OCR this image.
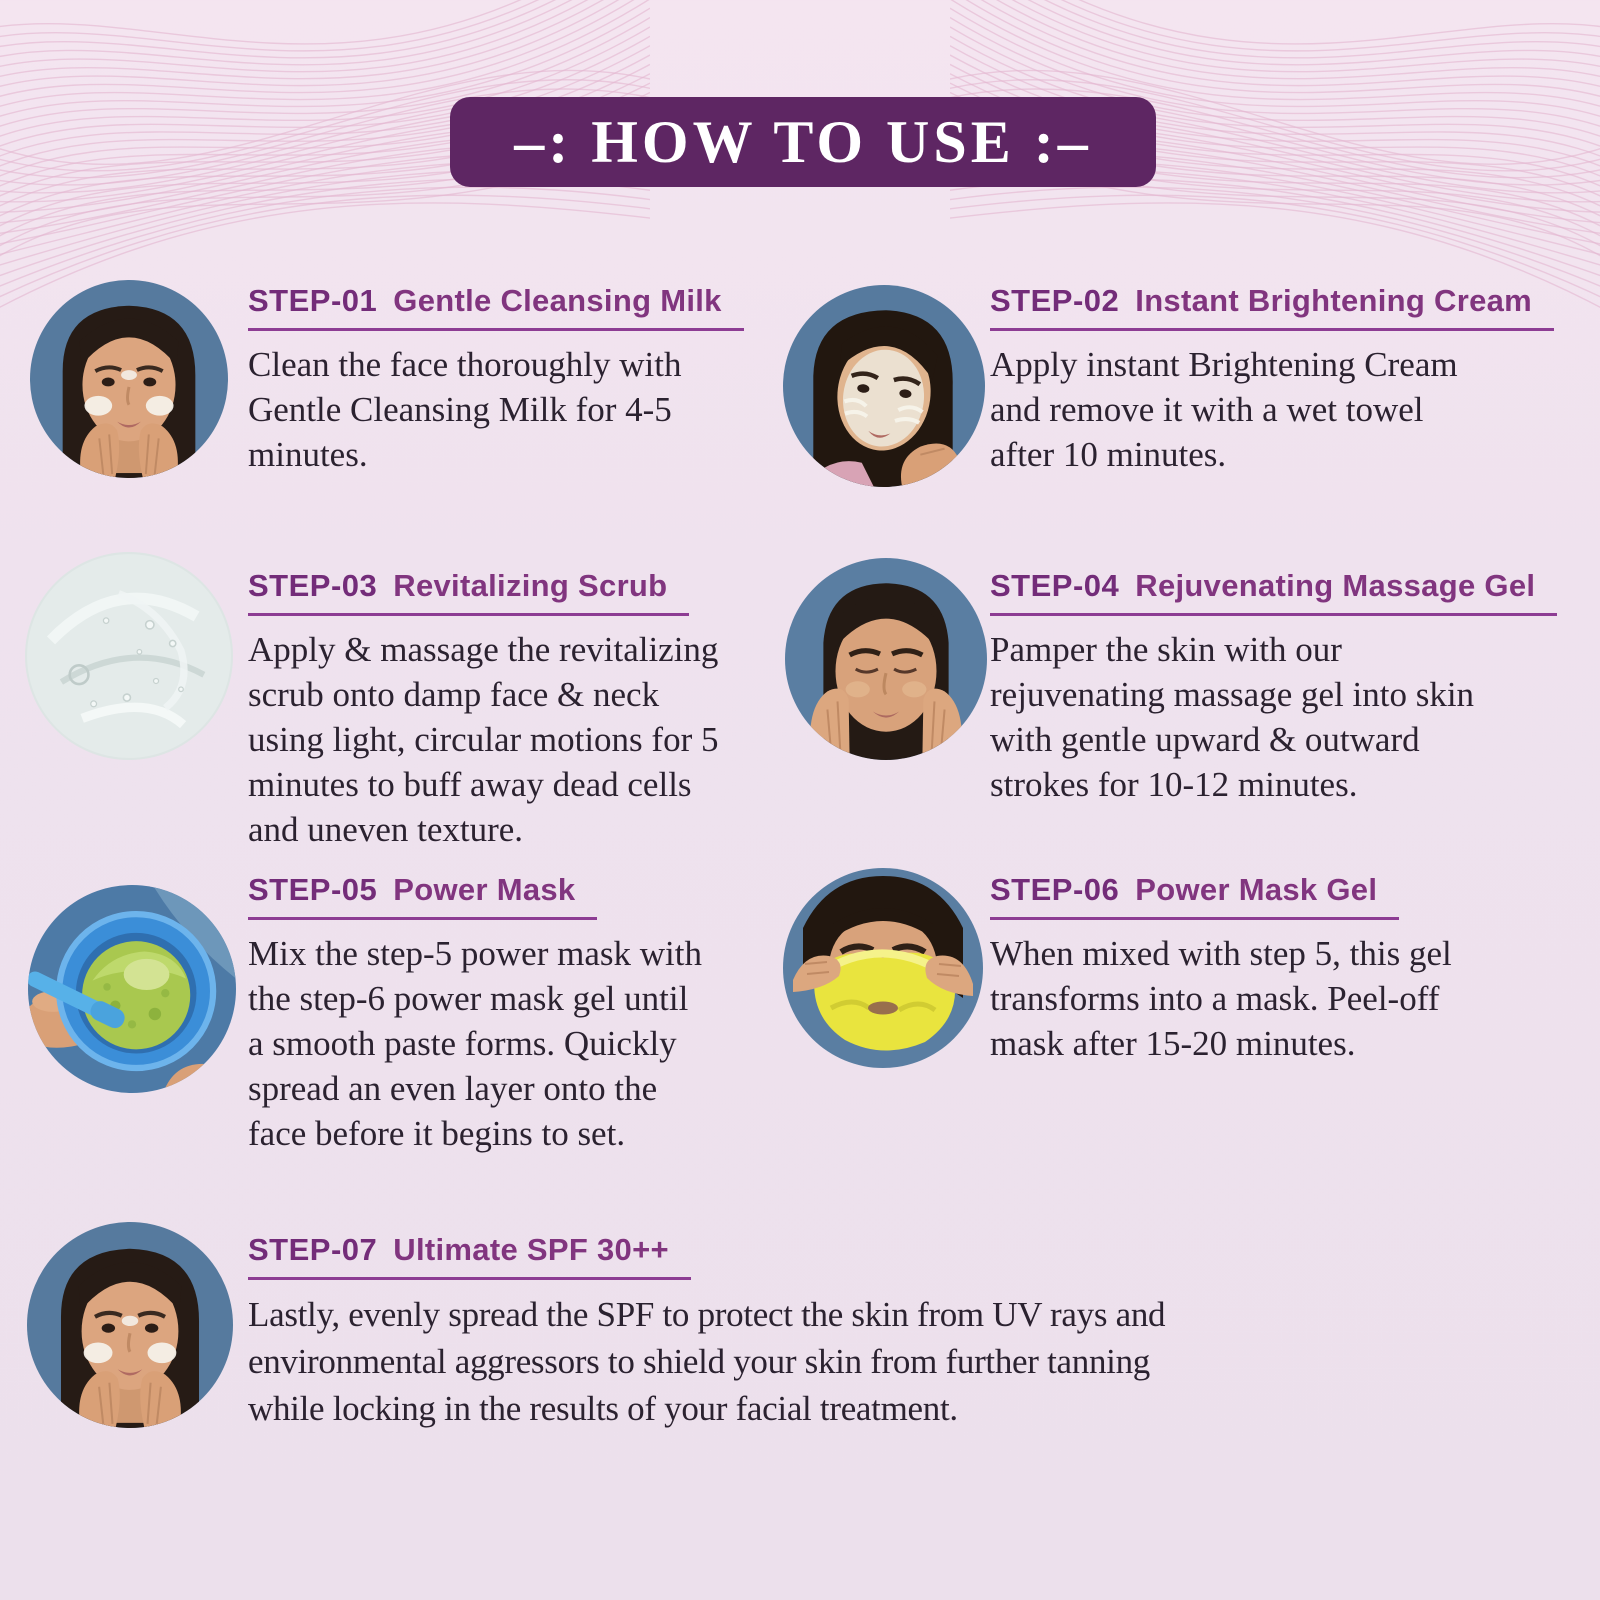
–: HOW TO USE :–
STEP-01 Gentle Cleansing Milk
Clean the face thoroughly with
Gentle Cleansing Milk for 4-5
minutes.
STEP-02 Instant Brightening Cream
Apply instant Brightening Cream
and remove it with a wet towel
after 10 minutes.
STEP-03 Revitalizing Scrub
Apply & massage the revitalizing
scrub onto damp face & neck
using light, circular motions for 5
minutes to buff away dead cells
and uneven texture.
STEP-04 Rejuvenating Massage Gel
Pamper the skin with our
rejuvenating massage gel into skin
with gentle upward & outward
strokes for 10-12 minutes.
STEP-05 Power Mask
Mix the step-5 power mask with
the step-6 power mask gel until
a smooth paste forms. Quickly
spread an even layer onto the
face before it begins to set.
STEP-06 Power Mask Gel
When mixed with step 5, this gel
transforms into a mask. Peel-off
mask after 15-20 minutes.
STEP-07 Ultimate SPF 30++
Lastly, evenly spread the SPF to protect the skin from UV rays and
environmental aggressors to shield your skin from further tanning
while locking in the results of your facial treatment.
